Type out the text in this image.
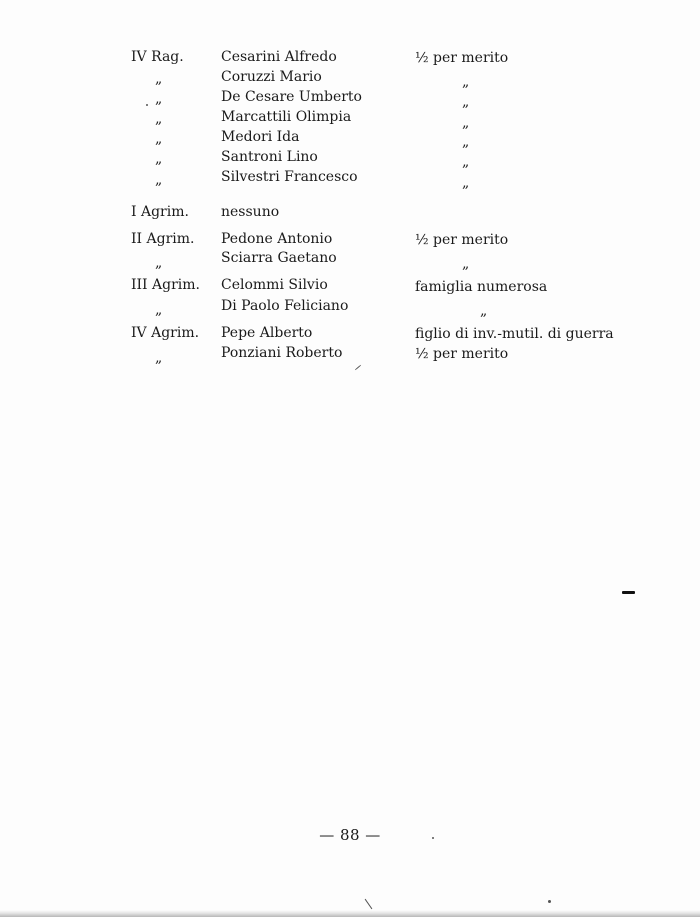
IV Rag.	Cesarini Alfredo	½ per merito
„	Coruzzi Mario	„
„	De Cesare Umberto	„
„	Marcattili Olimpia	„
„	Medori Ida	„
„	Santroni Lino	„
„	Silvestri Francesco	„
I Agrim. nessuno
II Agrim. Pedone Antonio	½ per merito
„	Sciarra Gaetano	„
III Agrim. Celommi Silvio	famiglia numerosa
„	Di Paolo Feliciano	„
IV Agrim. Pepe Alberto	figlio di inv.-mutil. di guerra
„	Ponziani Roberto	½ per merito
— 88 —
